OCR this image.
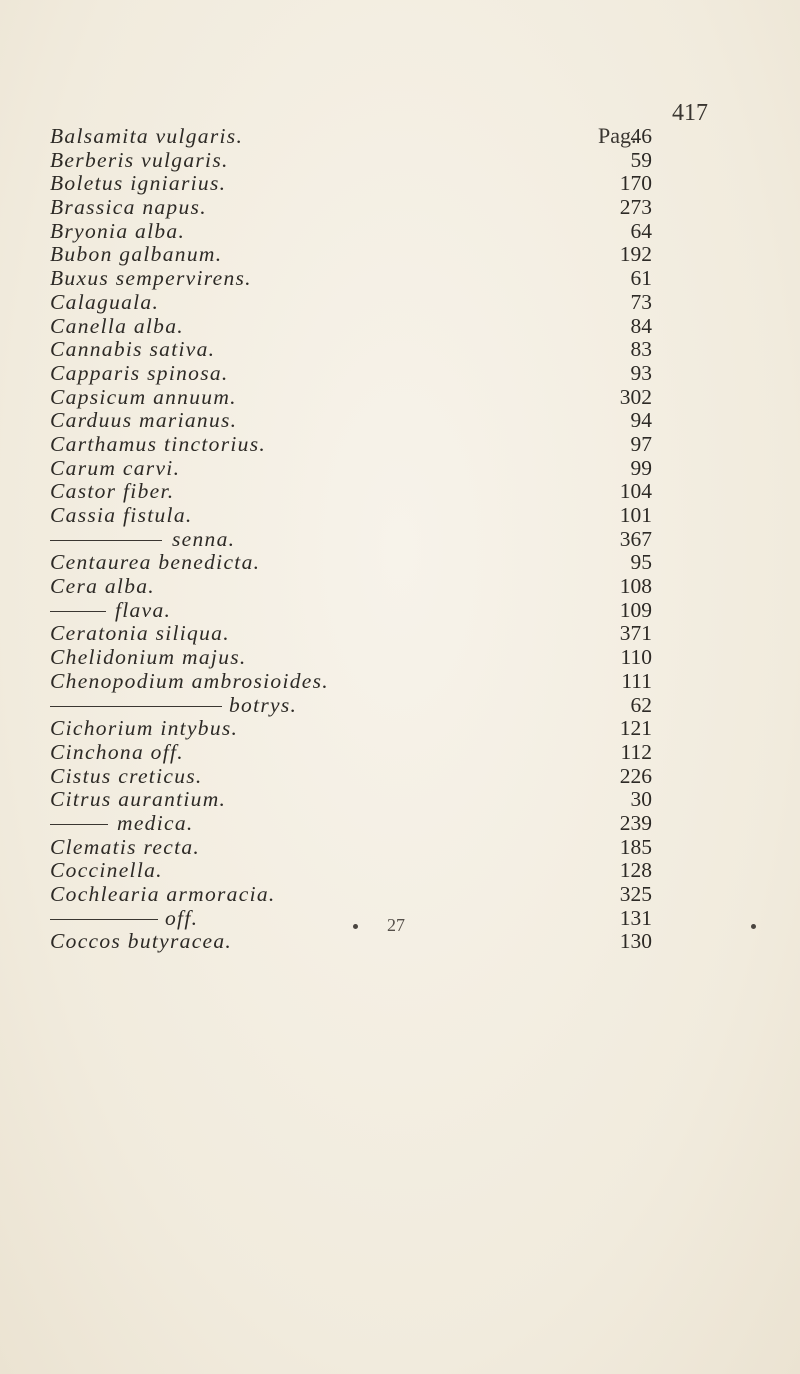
417
Pag.
Balsamita vulgaris.	46
Berberis vulgaris.	59
Boletus igniarius.	170
Brassica napus.	273
Bryonia alba.	64
Bubon galbanum.	192
Buxus sempervirens.	61
Calaguala.	73
Canella alba.	84
Cannabis sativa.	83
Capparis spinosa.	93
Capsicum annuum.	302
Carduus marianus.	94
Carthamus tinctorius.	97
Carum carvi.	99
Castor fiber.	104
Cassia fistula.	101
senna.	367
Centaurea benedicta.	95
Cera alba.	108
flava.	109
Ceratonia siliqua.	371
Chelidonium majus.	110
Chenopodium ambrosioides.	111
botrys.	62
Cichorium intybus.	121
Cinchona off.	112
Cistus creticus.	226
Citrus aurantium.	30
medica.	239
Clematis recta.	185
Coccinella.	128
Cochlearia armoracia.	325
off.	131
Coccos butyracea.	130
27
